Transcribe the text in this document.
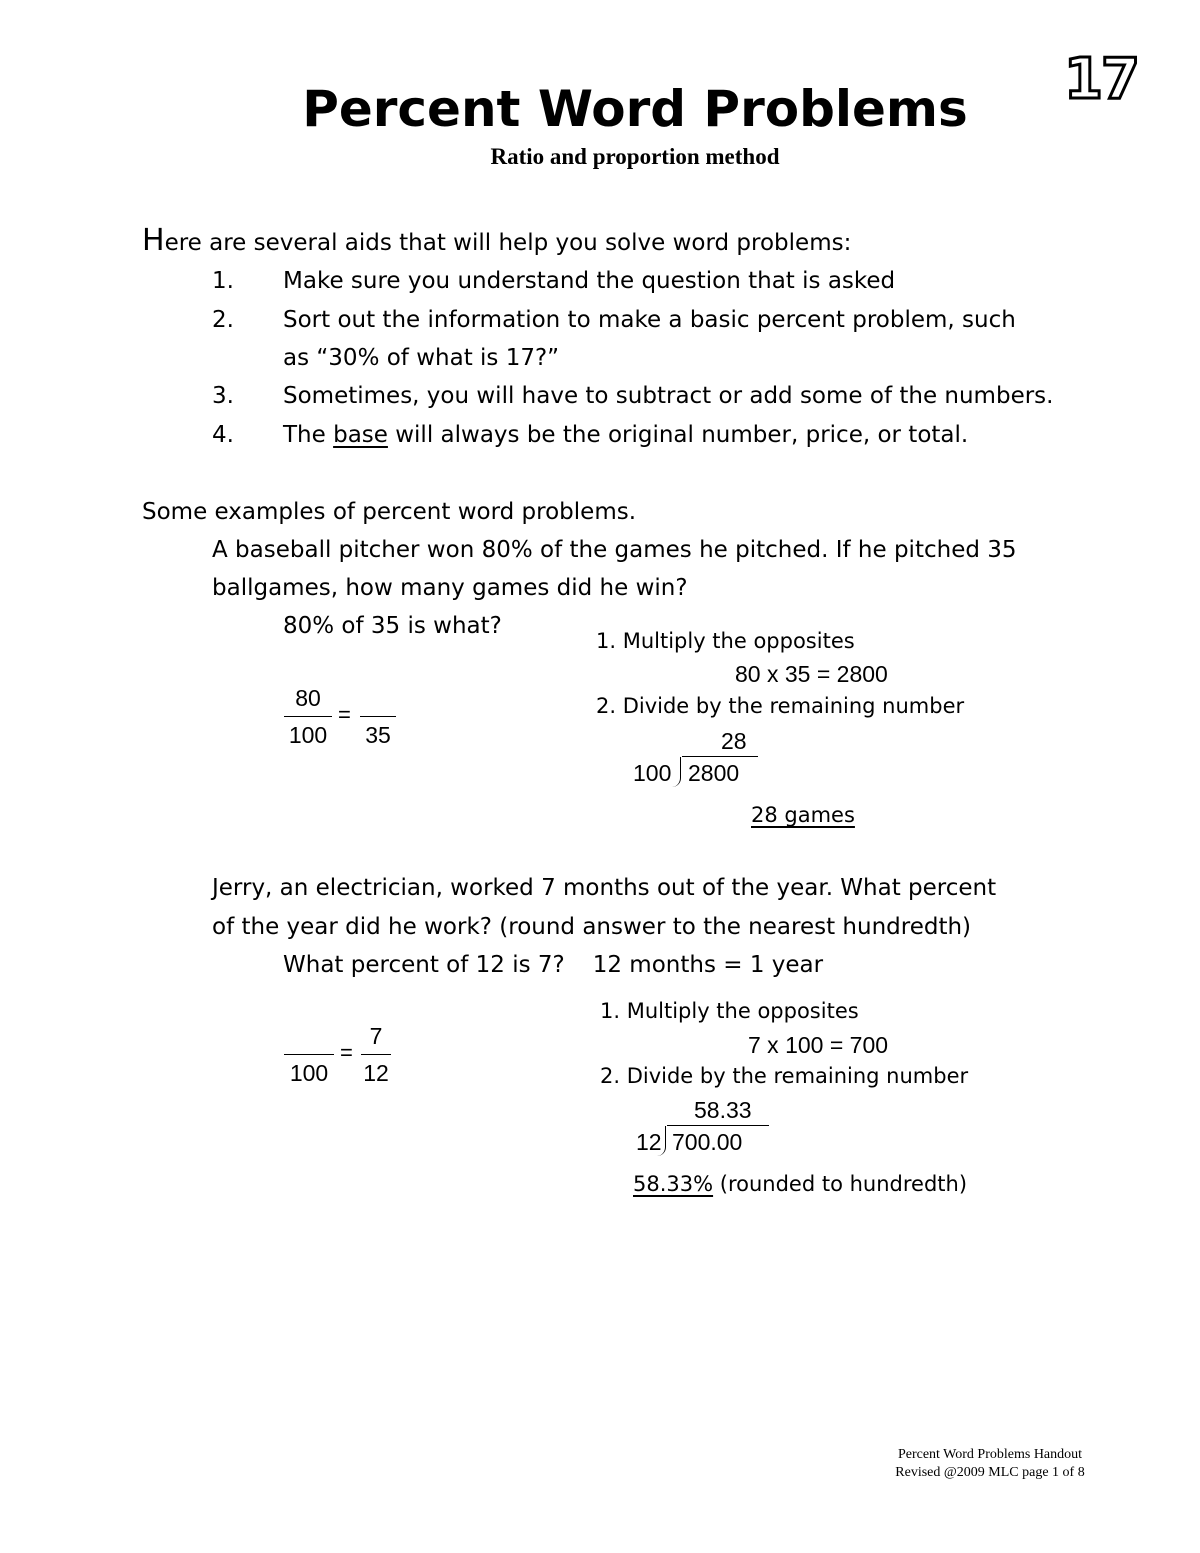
17
Percent Word Problems
Ratio and proportion method
Here are several aids that will help you solve word problems:
1. Make sure you understand the question that is asked
2. Sort out the information to make a basic percent problem, such
as “30% of what is 17?”
3. Sometimes, you will have to subtract or add some of the numbers.
4. The base will always be the original number, price, or total.
Some examples of percent word problems.
A baseball pitcher won 80% of the games he pitched. If he pitched 35
ballgames, how many games did he win?
80% of 35 is what?
80
100
=
35
1. Multiply the opposites
80 x 35 = 2800
2. Divide by the remaining number
28
100 2800
28 games
Jerry, an electrician, worked 7 months out of the year. What percent
of the year did he work? (round answer to the nearest hundredth)
What percent of 12 is 7? 12 months = 1 year
100
=
7
12
1. Multiply the opposites
7 x 100 = 700
2. Divide by the remaining number
58.33
12 700.00
58.33% (rounded to hundredth)
Percent Word Problems Handout
Revised @2009 MLC page 1 of 8
